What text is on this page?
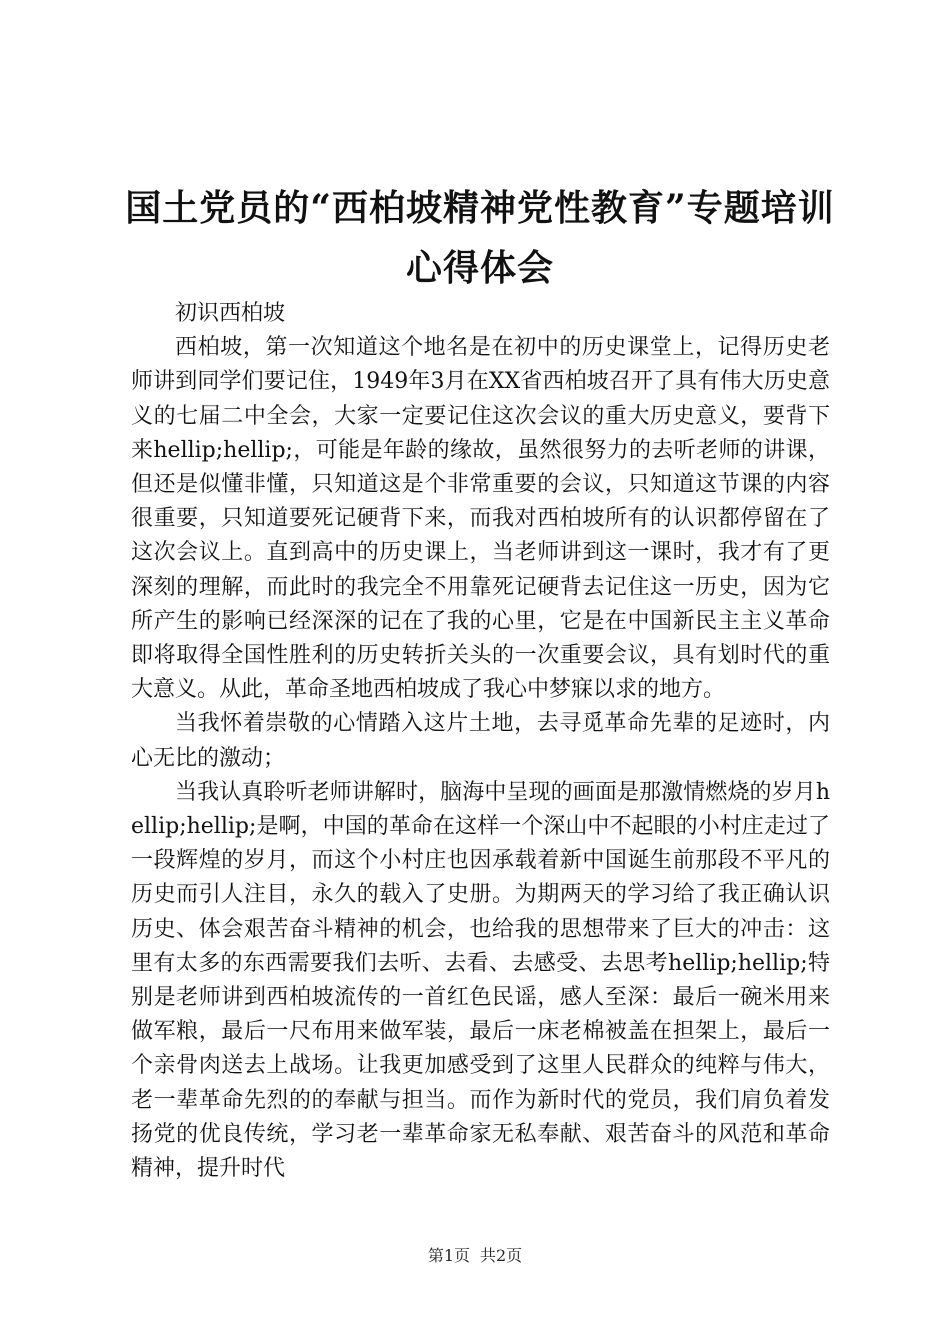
国土党员的“西柏坡精神党性教育”专题培训
心得体会

初识西柏坡

西柏坡，第一次知道这个地名是在初中的历史课堂上，记得历史老师讲到同学们要记住，1949年3月在XX省西柏坡召开了具有伟大历史意义的七届二中全会，大家一定要记住这次会议的重大历史意义，要背下来hellip;hellip;，可能是年龄的缘故，虽然很努力的去听老师的讲课，但还是似懂非懂，只知道这是个非常重要的会议，只知道这节课的内容很重要，只知道要死记硬背下来，而我对西柏坡所有的认识都停留在了这次会议上。直到高中的历史课上，当老师讲到这一课时，我才有了更深刻的理解，而此时的我完全不用靠死记硬背去记住这一历史，因为它所产生的影响已经深深的记在了我的心里，它是在中国新民主主义革命即将取得全国性胜利的历史转折关头的一次重要会议，具有划时代的重大意义。从此，革命圣地西柏坡成了我心中梦寐以求的地方。

当我怀着崇敬的心情踏入这片土地，去寻觅革命先辈的足迹时，内心无比的激动；

当我认真聆听老师讲解时，脑海中呈现的画面是那激情燃烧的岁月hellip;hellip;是啊，中国的革命在这样一个深山中不起眼的小村庄走过了一段辉煌的岁月，而这个小村庄也因承载着新中国诞生前那段不平凡的历史而引人注目，永久的载入了史册。为期两天的学习给了我正确认识历史、体会艰苦奋斗精神的机会，也给我的思想带来了巨大的冲击：这里有太多的东西需要我们去听、去看、去感受、去思考hellip;hellip;特别是老师讲到西柏坡流传的一首红色民谣，感人至深：最后一碗米用来做军粮，最后一尺布用来做军装，最后一床老棉被盖在担架上，最后一个亲骨肉送去上战场。让我更加感受到了这里人民群众的纯粹与伟大，老一辈革命先烈的的奉献与担当。而作为新时代的党员，我们肩负着发扬党的优良传统，学习老一辈革命家无私奉献、艰苦奋斗的风范和革命精神，提升时代

第1页 共2页
